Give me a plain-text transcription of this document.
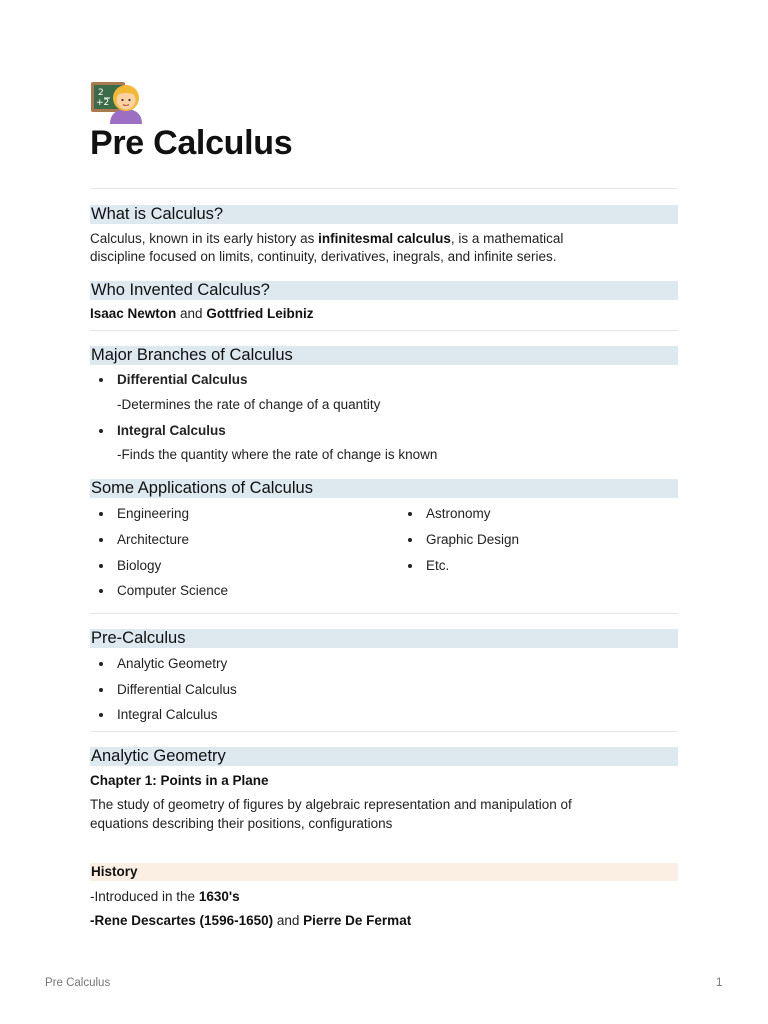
2
+2
Pre Calculus
What is Calculus?
Calculus, known in its early history as infinitesmal calculus, is a mathematical
discipline focused on limits, continuity, derivatives, inegrals, and infinite series.
Who Invented Calculus?
Isaac Newton and Gottfried Leibniz
Major Branches of Calculus
Differential Calculus
-Determines the rate of change of a quantity
Integral Calculus
-Finds the quantity where the rate of change is known
Some Applications of Calculus
Engineering
Architecture
Biology
Computer Science
Astronomy
Graphic Design
Etc.
Pre-Calculus
Analytic Geometry
Differential Calculus
Integral Calculus
Analytic Geometry
Chapter 1: Points in a Plane
The study of geometry of figures by algebraic representation and manipulation of
equations describing their positions, configurations
History
-Introduced in the 1630's
-Rene Descartes (1596-1650) and Pierre De Fermat
Pre Calculus	1
